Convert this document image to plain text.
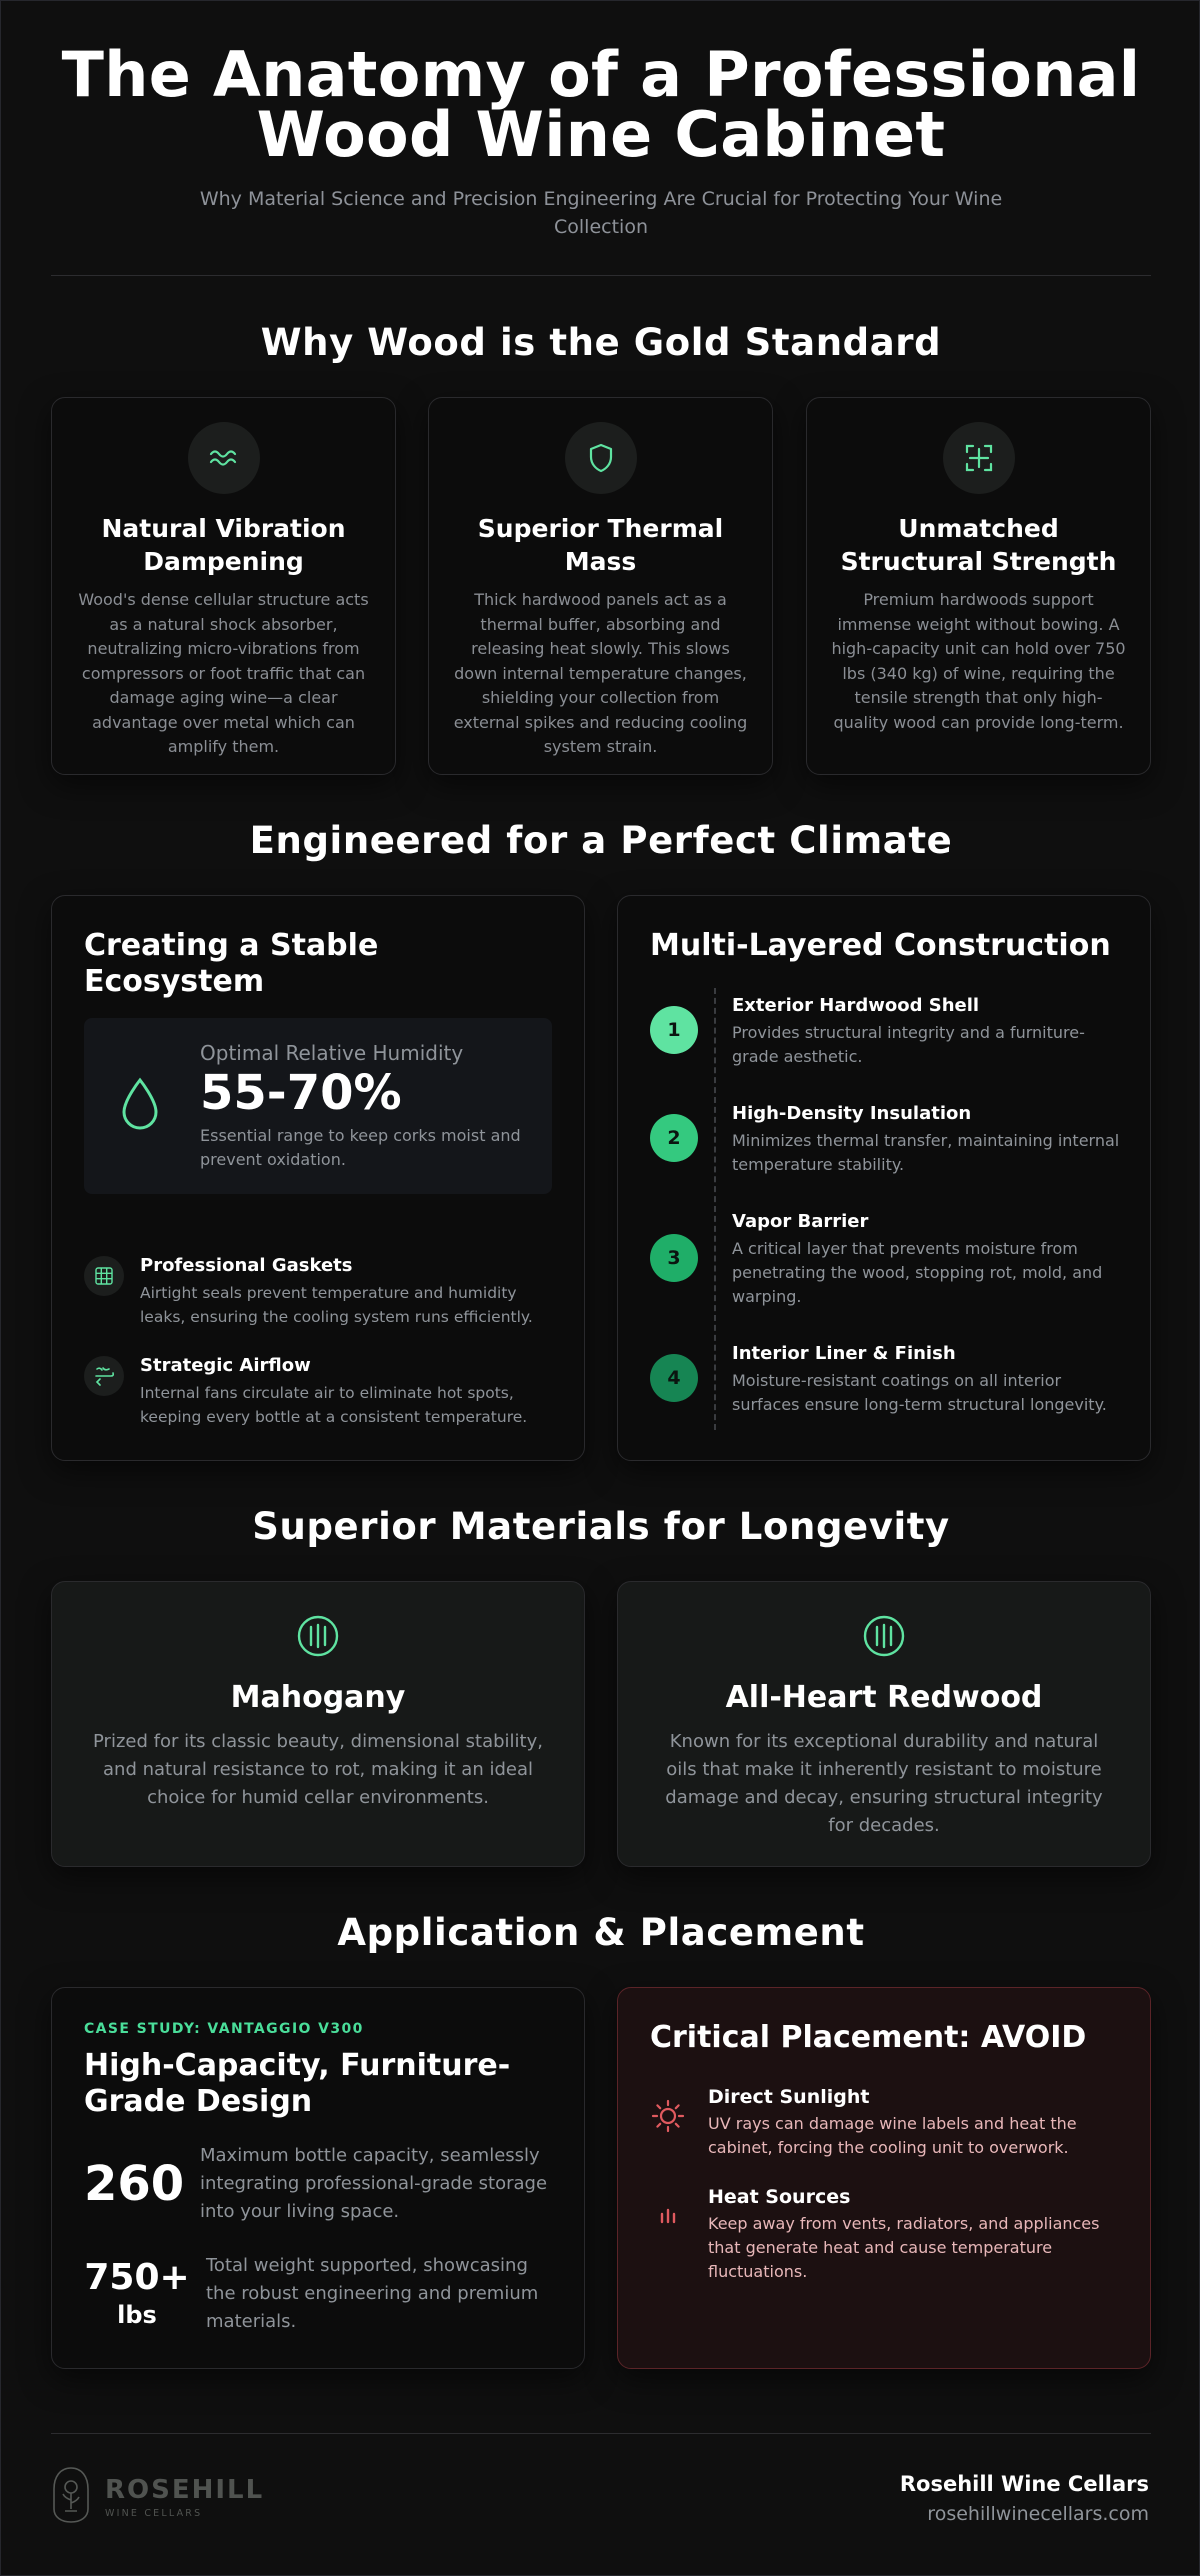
The Anatomy of a Professional
Wood Wine Cabinet

Why Material Science and Precision Engineering Are Crucial for Protecting Your Wine Collection

Why Wood is the Gold Standard
Natural Vibration Dampening

Wood's dense cellular structure acts as a natural shock absorber, neutralizing micro-vibrations from compressors or foot traffic that can damage aging wine—a clear advantage over metal which can amplify them.

Superior Thermal Mass

Thick hardwood panels act as a thermal buffer, absorbing and releasing heat slowly. This slows down internal temperature changes, shielding your collection from external spikes and reducing cooling system strain.

Unmatched Structural Strength

Premium hardwoods support immense weight without bowing. A high-capacity unit can hold over 750 lbs (340 kg) of wine, requiring the tensile strength that only high-quality wood can provide long-term.

Engineered for a Perfect Climate
Creating a Stable Ecosystem
Optimal Relative Humidity
55-70%
Essential range to keep corks moist and prevent oxidation.
Professional Gaskets
Airtight seals prevent temperature and humidity leaks, ensuring the cooling system runs efficiently.
Strategic Airflow
Internal fans circulate air to eliminate hot spots, keeping every bottle at a consistent temperature.
Multi-Layered Construction
1
Exterior Hardwood Shell
Provides structural integrity and a furniture-grade aesthetic.
2
High-Density Insulation
Minimizes thermal transfer, maintaining internal temperature stability.
3
Vapor Barrier
A critical layer that prevents moisture from penetrating the wood, stopping rot, mold, and warping.
4
Interior Liner & Finish
Moisture-resistant coatings on all interior surfaces ensure long-term structural longevity.
Superior Materials for Longevity
Mahogany

Prized for its classic beauty, dimensional stability, and natural resistance to rot, making it an ideal choice for humid cellar environments.

All-Heart Redwood

Known for its exceptional durability and natural oils that make it inherently resistant to moisture damage and decay, ensuring structural integrity for decades.

Application & Placement
CASE STUDY: VANTAGGIO V300
High-Capacity, Furniture-Grade Design
260
Maximum bottle capacity, seamlessly integrating professional-grade storage into your living space.
750+
lbs
Total weight supported, showcasing the robust engineering and premium materials.
Critical Placement: AVOID
Direct Sunlight
UV rays can damage wine labels and heat the cabinet, forcing the cooling unit to overwork.
Heat Sources
Keep away from vents, radiators, and appliances that generate heat and cause temperature fluctuations.
ROSEHILL
WINE CELLARS
Rosehill Wine Cellars
rosehillwinecellars.com
